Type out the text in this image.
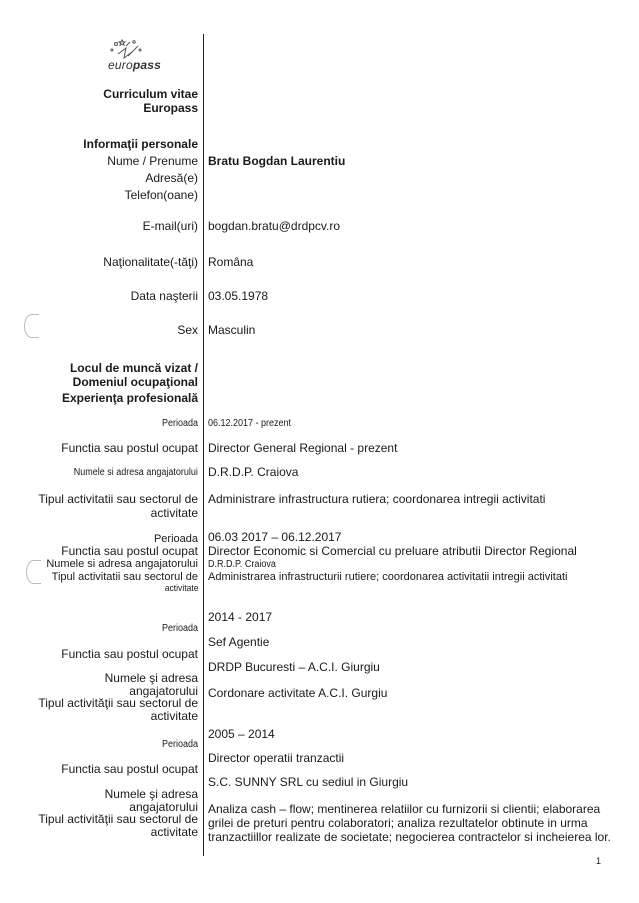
europass
Curriculum vitae
Europass
Informaţii personale
Nume / Prenume Bratu Bogdan Laurentiu
Adresă(e)
Telefon(oane)
E-mail(uri) bogdan.bratu@drdpcv.ro
Naţionalitate(-tăţi) Româna
Data naşterii 03.05.1978
Sex Masculin
Locul de muncă vizat /
Domeniul ocupaţional
Experienţa profesională
Perioada 06.12.2017 - prezent
Functia sau postul ocupat Director General Regional - prezent
Numele si adresa angajatorului D.R.D.P. Craiova
Tipul activitatii sau sectorul de
activitate
Administrare infrastructura rutiera; coordonarea intregii activitati
Perioada 06.03 2017 – 06.12.2017
Functia sau postul ocupat Director Economic si Comercial cu preluare atributii Director Regional
Numele si adresa angajatorului D.R.D.P. Craiova
Tipul activitatii sau sectorul de
activitate
Administrarea infrastructurii rutiere; coordonarea activitatii intregii activitati
2014 - 2017
Perioada
Sef Agentie
Functia sau postul ocupat
DRDP Bucuresti – A.C.I. Giurgiu
Numele şi adresa
angajatorului Cordonare activitate A.C.I. Gurgiu
Tipul activităţii sau sectorul de
activitate
2005 – 2014
Perioada
Director operatii tranzactii
Functia sau postul ocupat
S.C. SUNNY SRL cu sediul in Giurgiu
Numele şi adresa
angajatorului
Tipul activităţii sau sectorul de
activitate
Analiza cash – flow; mentinerea relatiilor cu furnizorii si clientii; elaborarea
grilei de preturi pentru colaboratori; analiza rezultatelor obtinute in urma
tranzactiillor realizate de societate; negocierea contractelor si incheierea lor.
1
